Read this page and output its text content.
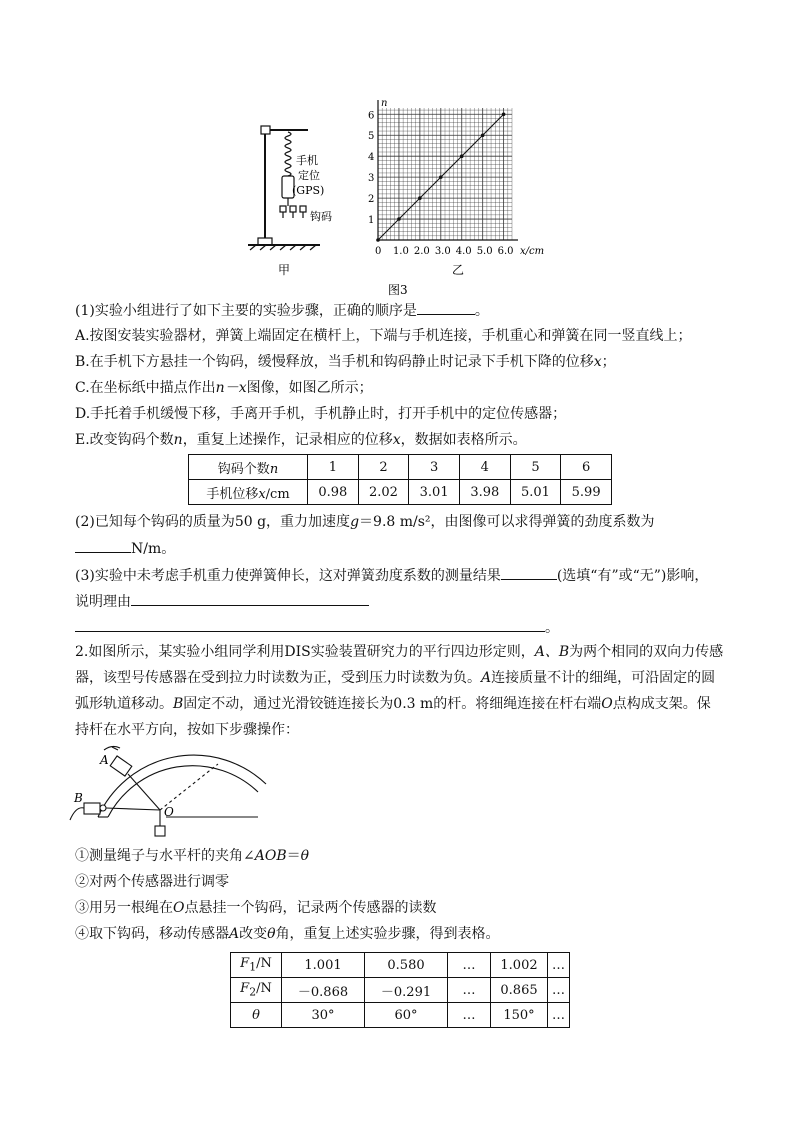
手机
定位
(GPS)
钩码
甲	乙
图3
0 1.0 2.0 3.0 4.0 5.0 6.0
1
2
3
4
5
6
x/cm
n
(1)实验小组进行了如下主要的实验步骤，正确的顺序是	。
A.按图安装实验器材，弹簧上端固定在横杆上，下端与手机连接，手机重心和弹簧在同一竖直线上；
B.在手机下方悬挂一个钩码，缓慢释放，当手机和钩码静止时记录下手机下降的位移x；
C.在坐标纸中描点作出n－x图像，如图乙所示；
D.手托着手机缓慢下移，手离开手机，手机静止时，打开手机中的定位传感器；
E.改变钩码个数n，重复上述操作，记录相应的位移x，数据如表格所示。
钩码个数n	1	2	3	4	5	6
手机位移x/cm	0.98	2.02	3.01	3.98	5.01	5.99
(2)已知每个钩码的质量为50 g，重力加速度g＝9.8 m/s²，由图像可以求得弹簧的劲度系数为
N/m。
(3)实验中未考虑手机重力使弹簧伸长，这对弹簧劲度系数的测量结果	(选填“有”或“无”)影响，
说明理由
。
2.如图所示，某实验小组同学利用DIS实验装置研究力的平行四边形定则，A、B为两个相同的双向力传感
器，该型号传感器在受到拉力时读数为正，受到压力时读数为负。A连接质量不计的细绳，可沿固定的圆
弧形轨道移动。B固定不动，通过光滑铰链连接长为0.3 m的杆。将细绳连接在杆右端O点构成支架。保
持杆在水平方向，按如下步骤操作：
A
B
O
①测量绳子与水平杆的夹角∠AOB＝θ
②对两个传感器进行调零
③用另一根绳在O点悬挂一个钩码，记录两个传感器的读数
④取下钩码，移动传感器A改变θ角，重复上述实验步骤，得到表格。
$F_1/N$	1.001	0.580	…	1.002	…
$F_2/N$	－0.868	－0.291	…	0.865	…
θ	30°	60°	…	150°	…
